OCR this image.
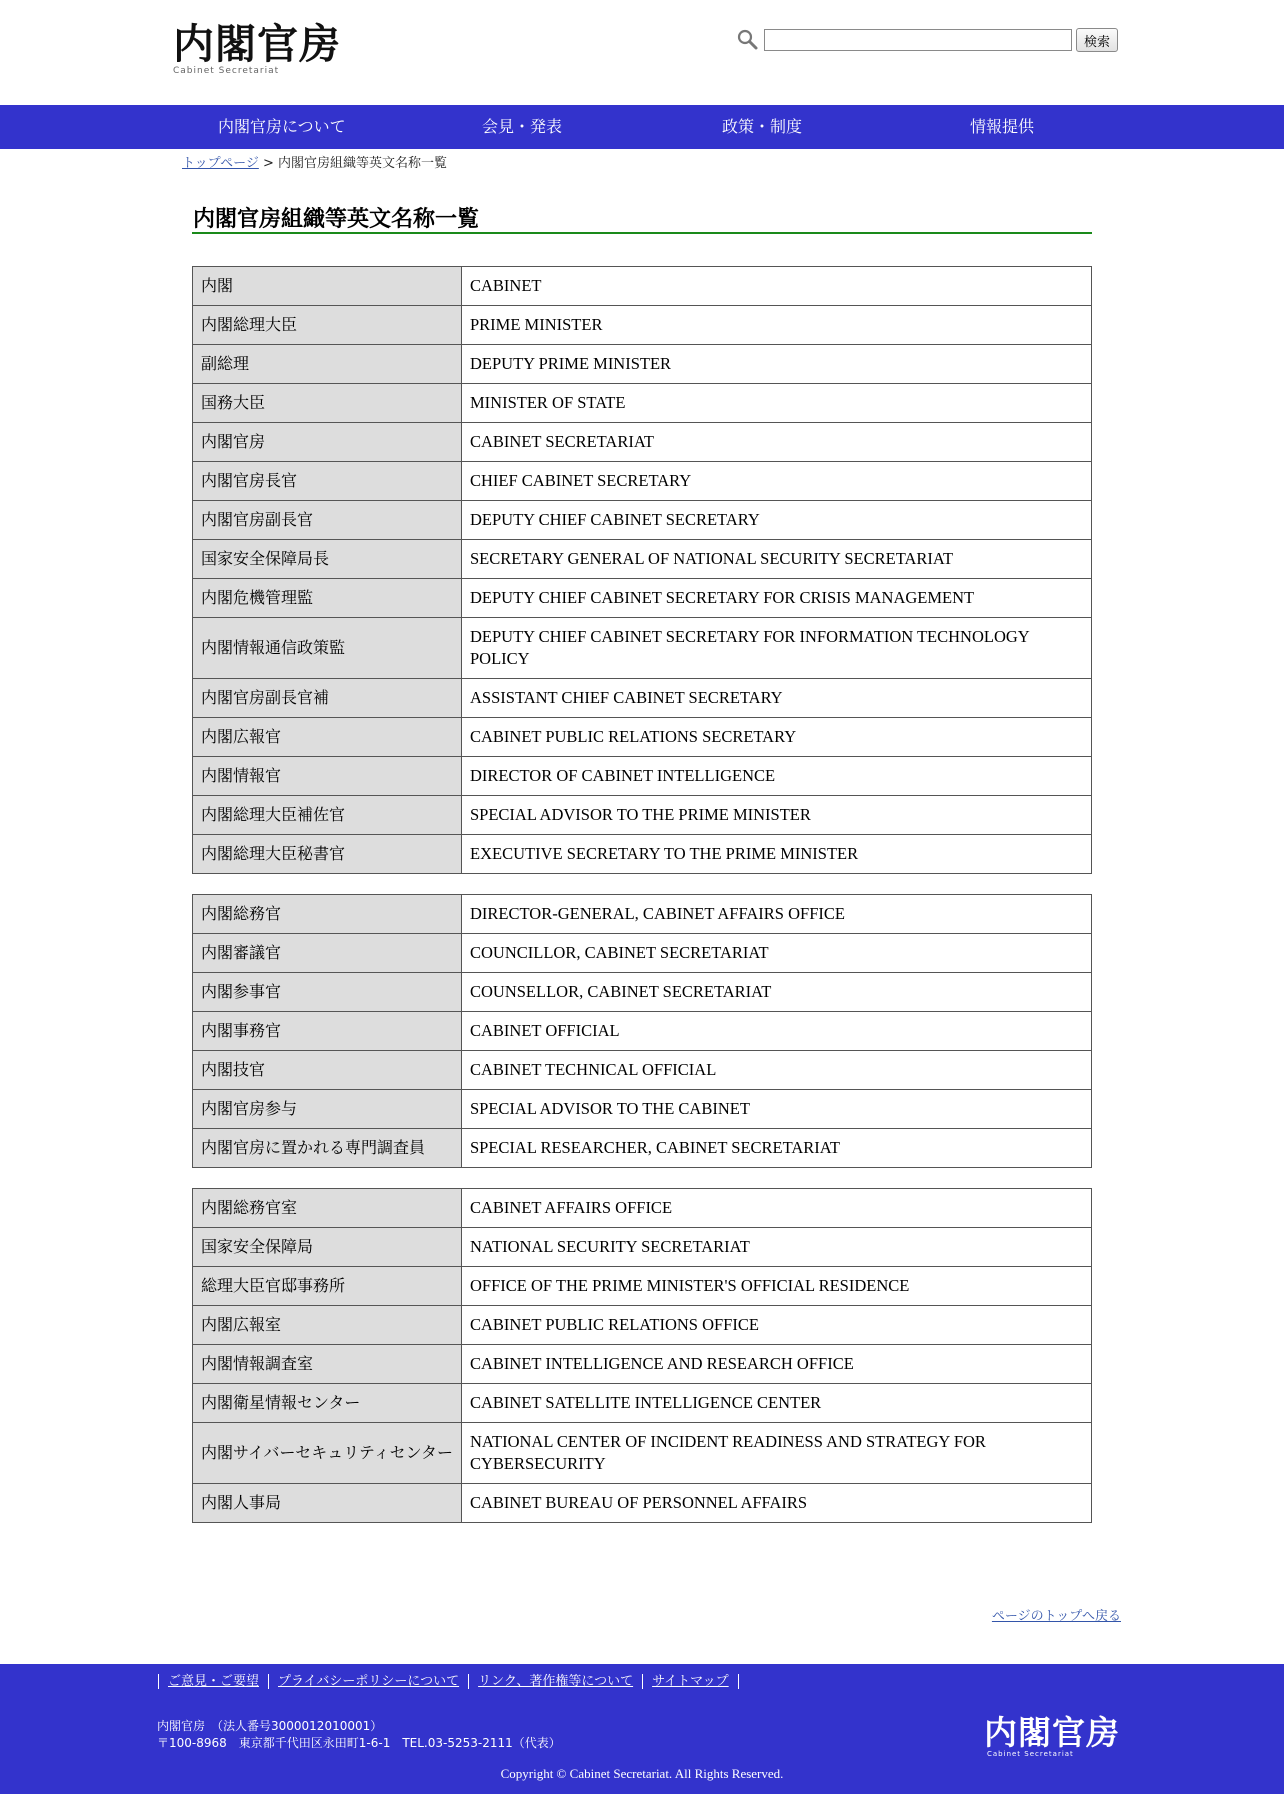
内閣官房
Cabinet Secretariat
検索
内閣官房について	会見・発表	政策・制度	情報提供
トップページ > 内閣官房組織等英文名称一覧
内閣官房組織等英文名称一覧

内閣	CABINET

内閣総理大臣	PRIME MINISTER

副総理	DEPUTY PRIME MINISTER

国務大臣	MINISTER OF STATE

内閣官房	CABINET SECRETARIAT

内閣官房長官	CHIEF CABINET SECRETARY

内閣官房副長官	DEPUTY CHIEF CABINET SECRETARY

国家安全保障局長	SECRETARY GENERAL OF NATIONAL SECURITY SECRETARIAT

内閣危機管理監	DEPUTY CHIEF CABINET SECRETARY FOR CRISIS MANAGEMENT

内閣情報通信政策監	DEPUTY CHIEF CABINET SECRETARY FOR INFORMATION TECHNOLOGY POLICY

内閣官房副長官補	ASSISTANT CHIEF CABINET SECRETARY

内閣広報官	CABINET PUBLIC RELATIONS SECRETARY

内閣情報官	DIRECTOR OF CABINET INTELLIGENCE

内閣総理大臣補佐官	SPECIAL ADVISOR TO THE PRIME MINISTER

内閣総理大臣秘書官	EXECUTIVE SECRETARY TO THE PRIME MINISTER

内閣総務官	DIRECTOR-GENERAL, CABINET AFFAIRS OFFICE

内閣審議官	COUNCILLOR, CABINET SECRETARIAT

内閣参事官	COUNSELLOR, CABINET SECRETARIAT

内閣事務官	CABINET OFFICIAL

内閣技官	CABINET TECHNICAL OFFICIAL

内閣官房参与	SPECIAL ADVISOR TO THE CABINET

内閣官房に置かれる専門調査員	SPECIAL RESEARCHER, CABINET SECRETARIAT

内閣総務官室	CABINET AFFAIRS OFFICE

国家安全保障局	NATIONAL SECURITY SECRETARIAT

総理大臣官邸事務所	OFFICE OF THE PRIME MINISTER'S OFFICIAL RESIDENCE

内閣広報室	CABINET PUBLIC RELATIONS OFFICE

内閣情報調査室	CABINET INTELLIGENCE AND RESEARCH OFFICE

内閣衛星情報センター	CABINET SATELLITE INTELLIGENCE CENTER

内閣サイバーセキュリティセンター	NATIONAL CENTER OF INCIDENT READINESS AND STRATEGY FOR CYBERSECURITY

内閣人事局	CABINET BUREAU OF PERSONNEL AFFAIRS

ページのトップへ戻る
ご意見・ご要望	プライバシーポリシーについて	リンク、著作権等について	サイトマップ
内閣官房　（法人番号3000012010001）
〒100-8968　東京都千代田区永田町1-6-1　TEL.03-5253-2111（代表）	内閣官房
Cabinet Secretariat
Copyright © Cabinet Secretariat. All Rights Reserved.
